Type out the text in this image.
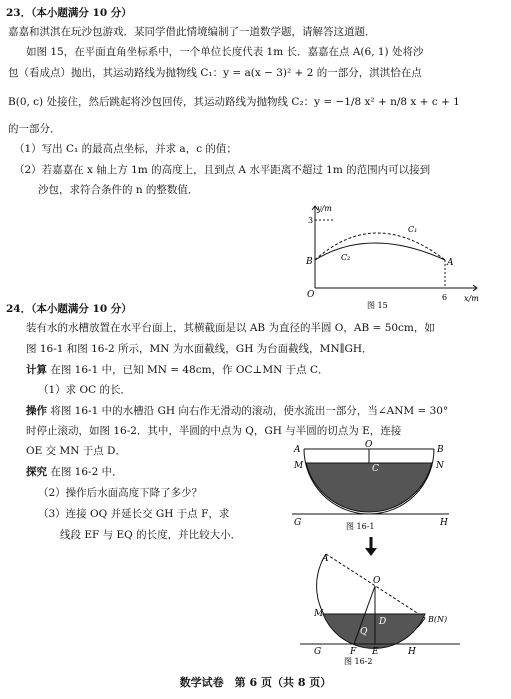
23．（本小题满分 10 分）
嘉嘉和淇淇在玩沙包游戏．某同学借此情境编制了一道数学题，请解答这道题．
如图 15，在平面直角坐标系中，一个单位长度代表 1m 长．嘉嘉在点 A(6, 1) 处将沙
包（看成点）抛出，其运动路线为抛物线 C₁：y = a(x − 3)² + 2 的一部分，淇淇恰在点
B(0, c) 处接住，然后跳起将沙包回传，其运动路线为抛物线 C₂：y = −1/8 x² + n/8 x + c + 1
的一部分．
（1）写出 C₁ 的最高点坐标，并求 a，c 的值；
（2）若嘉嘉在 x 轴上方 1m 的高度上，且到点 A 水平距离不超过 1m 的范围内可以接到
沙包，求符合条件的 n 的整数值．
y/m
x/m
O	6
3
A
B
C₁
C₂
图 15
24．（本小题满分 10 分）
装有水的水槽放置在水平台面上，其横截面是以 AB 为直径的半圆 O，AB = 50cm，如
图 16-1 和图 16-2 所示，MN 为水面截线，GH 为台面截线，MN∥GH．
计算 在图 16-1 中，已知 MN = 48cm，作 OC⊥MN 于点 C．
（1）求 OC 的长．
操作 将图 16-1 中的水槽沿 GH 向右作无滑动的滚动，使水流出一部分，当∠ANM = 30°
时停止滚动，如图 16-2．其中，半圆的中点为 Q，GH 与半圆的切点为 E，连接
OE 交 MN 于点 D．
探究 在图 16-2 中．
（2）操作后水面高度下降了多少？
（3）连接 OQ 并延长交 GH 于点 F，求
线段 EF 与 EQ 的长度，并比较大小．
A	B
M	N
O
C
G	H
图 16-1
A
O
M
D
Q
B(N)
G	F E	H
图 16-2
数学试卷　第 6 页（共 8 页）
